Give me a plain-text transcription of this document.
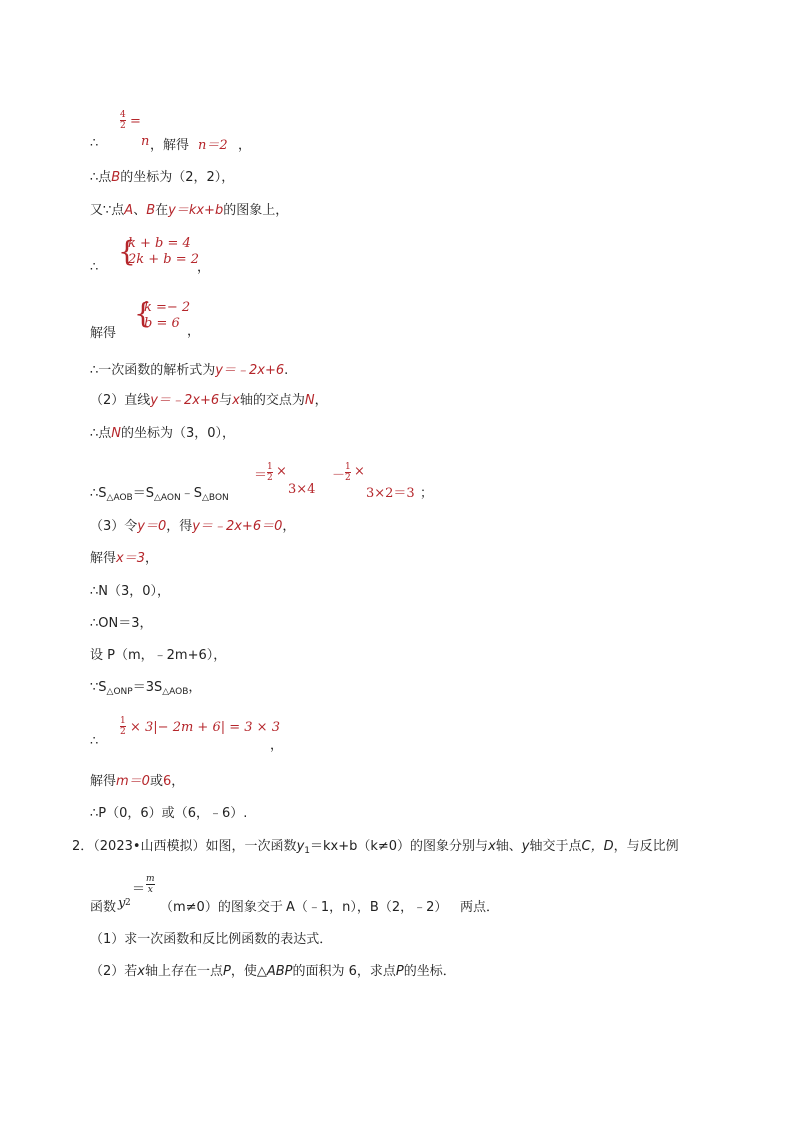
∴
4
2 =
n ，解得 n＝2 ，
∴点B的坐标为（2，2），
又∵点A、B在y＝kx+b的图象上，
∴ {
k + b = 4
2k + b = 2
，
解得
{
k =− 2
b = 6
，
∴一次函数的解析式为y＝﹣2x+6.
（2）直线y＝﹣2x+6与x轴的交点为N，
∴点N的坐标为（3，0），
$\therefore S_{\triangle AOB}=S_{\triangle AON}﹣S_{\triangle BON}$
＝
1
2 ×
3×4
－
1
2 ×
3×2＝3 ；
（3）令y＝0，得y＝﹣2x+6＝0，
解得x＝3，
∴N（3，0），
∴ON＝3，
设 P（m，﹣2m+6），
$\because S_{\triangle ONP}=3S_{\triangle AOB}$，
∴
1
2 × 3|− 2m + 6| = 3 × 3
，
解得m＝0或6，
∴P（0，6）或（6，﹣6）.
2．（2023•山西模拟）如图，一次函数$y_1=kx+b(k\ne 0)$的图象分别与x轴、y轴交于点C，D，与反比例
函数 y 2
＝
m
x
（m≠0）的图象交于 A（﹣1，n），B（2，﹣2） 两点．
（1）求一次函数和反比例函数的表达式．
（2）若x轴上存在一点P，使△ABP的面积为 6，求点P的坐标．
